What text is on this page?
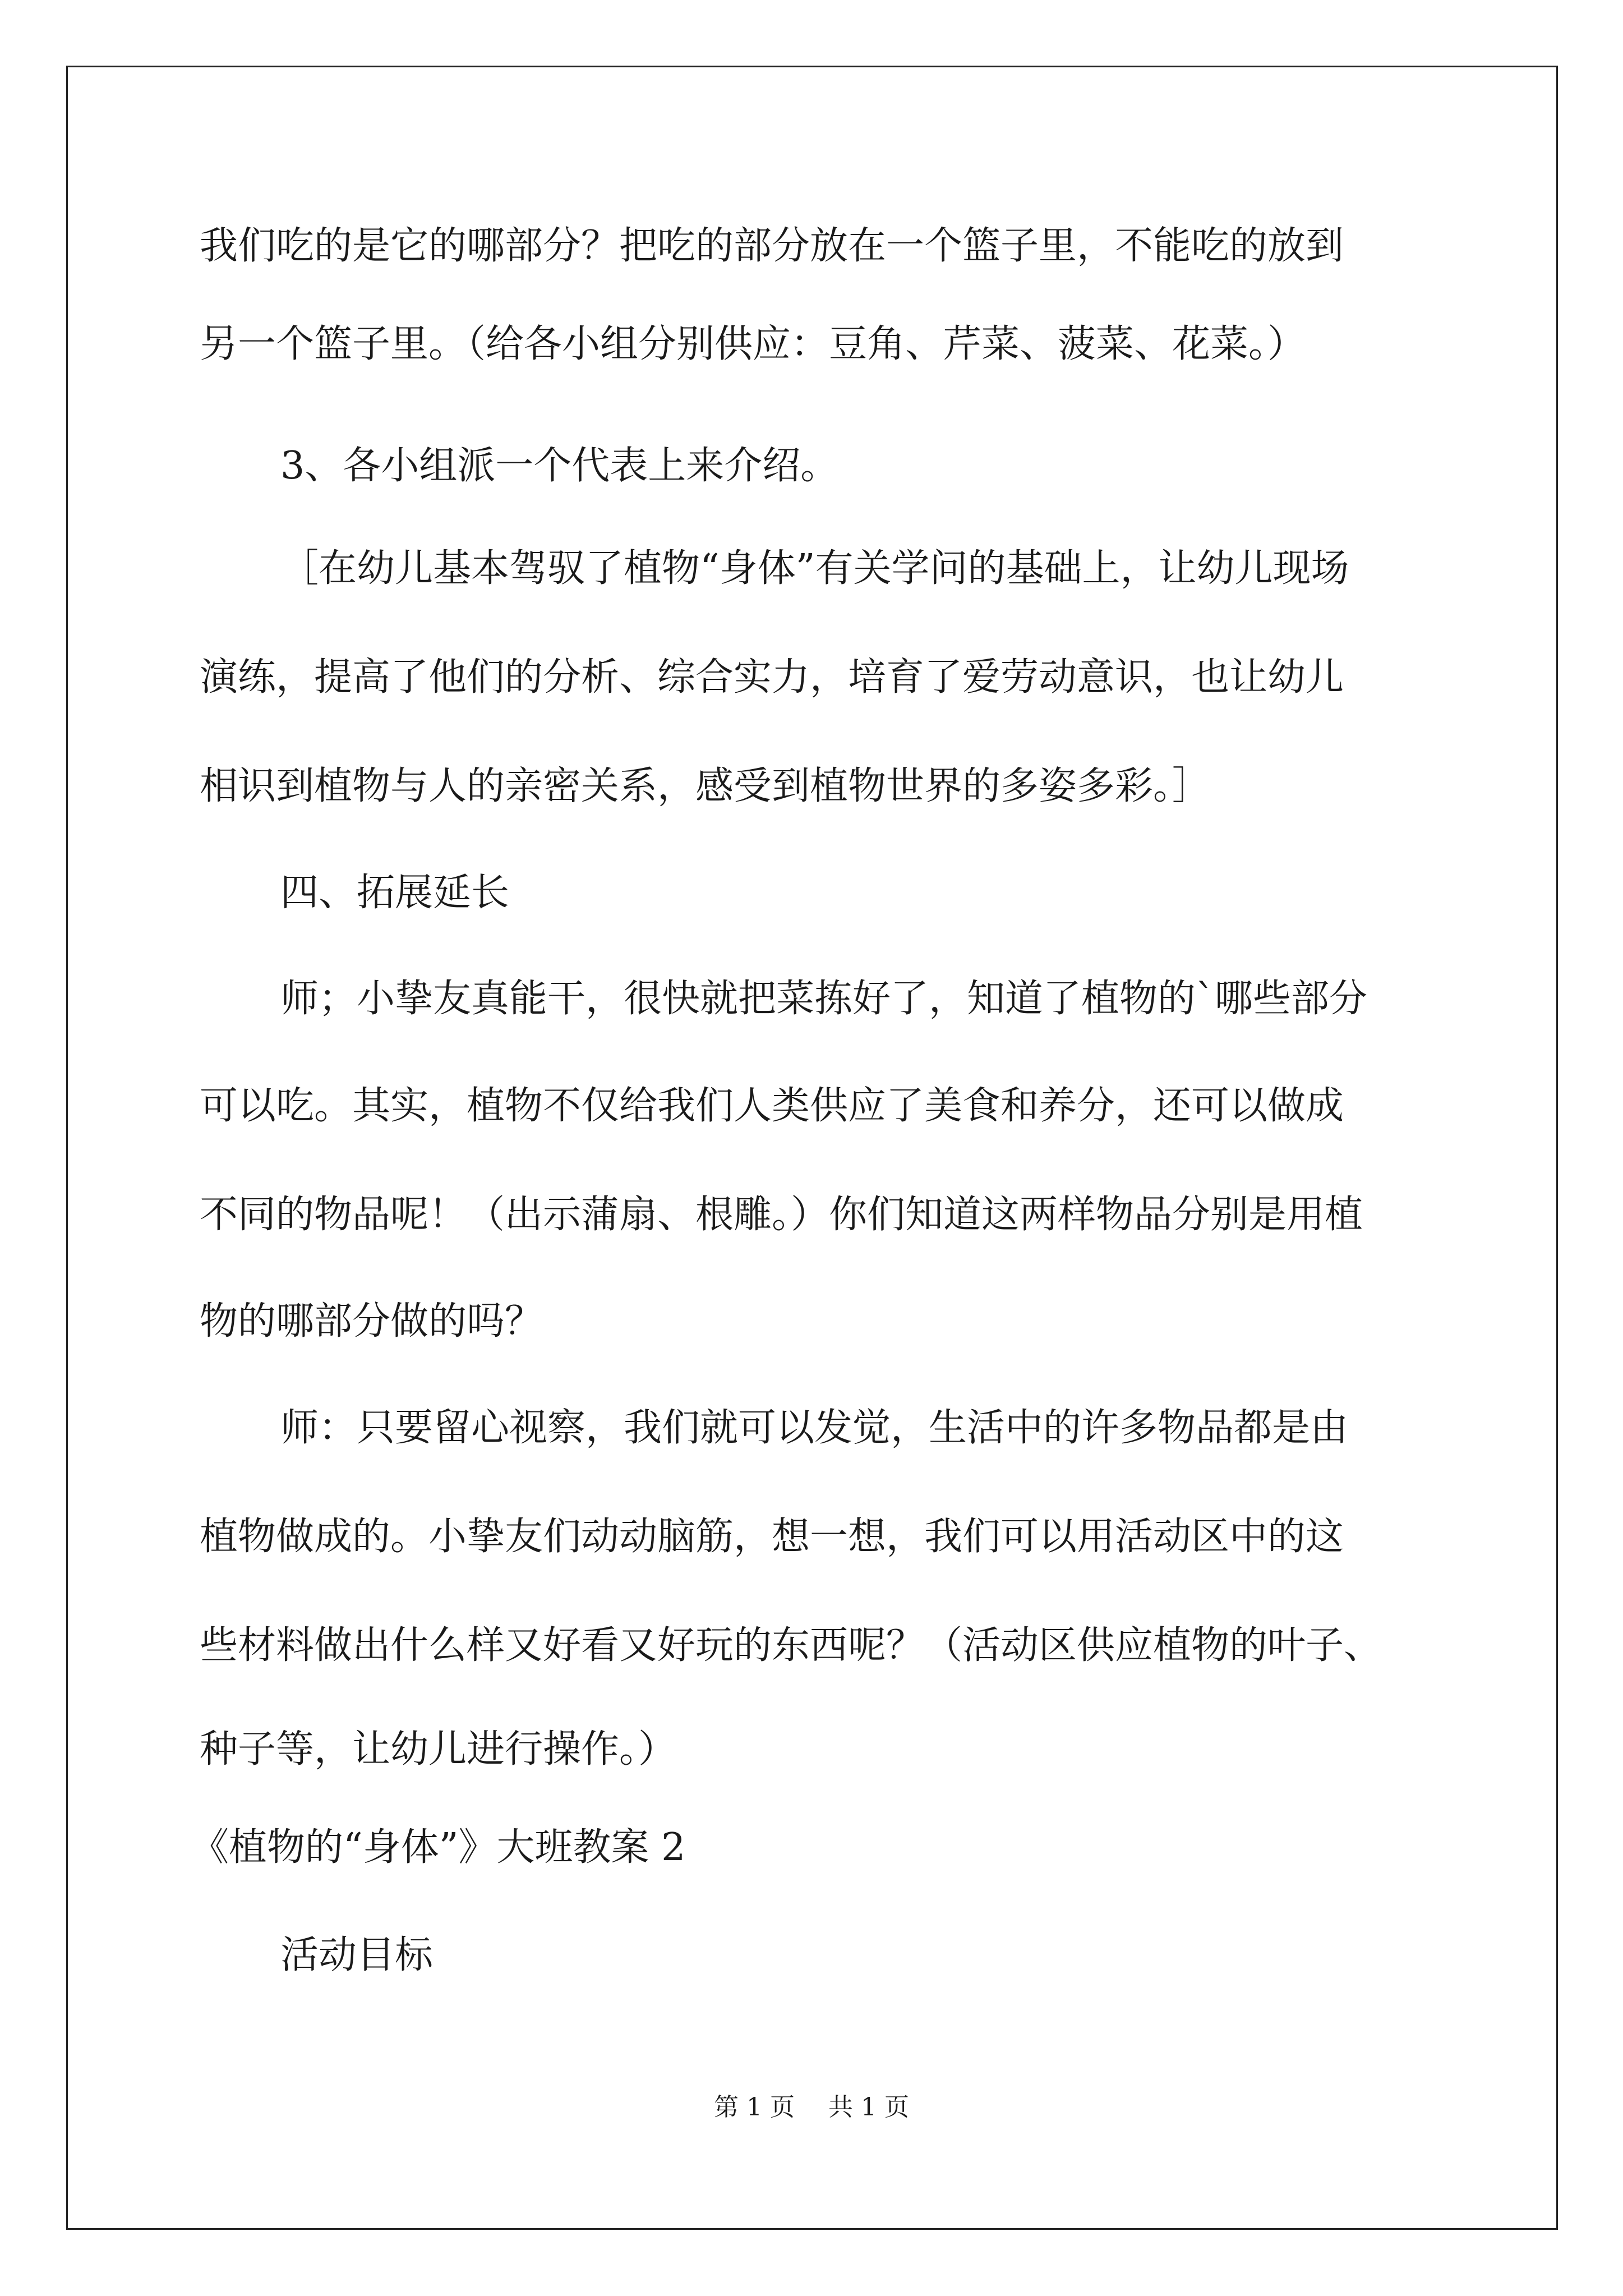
我们吃的是它的哪部分？把吃的部分放在一个篮子里，不能吃的放到
另一个篮子里。（给各小组分别供应：豆角、芹菜、菠菜、花菜。）
3、各小组派一个代表上来介绍。
［在幼儿基本驾驭了植物“身体”有关学问的基础上，让幼儿现场
演练，提高了他们的分析、综合实力，培育了爱劳动意识，也让幼儿
相识到植物与人的亲密关系，感受到植物世界的多姿多彩。］
四、拓展延长
师；小挚友真能干，很快就把菜拣好了，知道了植物的`哪些部分
可以吃。其实，植物不仅给我们人类供应了美食和养分，还可以做成
不同的物品呢！（出示蒲扇、根雕。）你们知道这两样物品分别是用植
物的哪部分做的吗？
师：只要留心视察，我们就可以发觉，生活中的许多物品都是由
植物做成的。小挚友们动动脑筋，想一想，我们可以用活动区中的这
些材料做出什么样又好看又好玩的东西呢？（活动区供应植物的叶子、
种子等，让幼儿进行操作。）
《植物的“身体”》大班教案 2
活动目标
第 1 页 共 1 页
